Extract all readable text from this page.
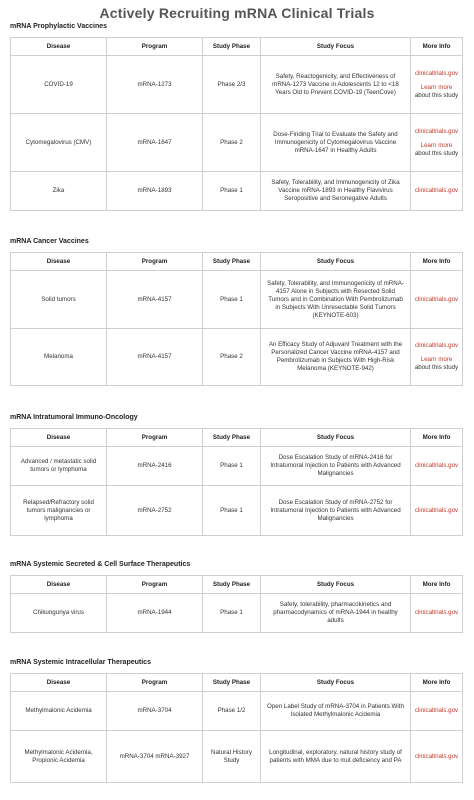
Actively Recruiting mRNA Clinical Trials
mRNA Prophylactic Vaccines
Disease	Program	Study Phase	Study Focus	More Info
COVID-19	mRNA-1273	Phase 2/3	Safety, Reactogenicity, and Effectiveness of mRNA-1273 Vaccine in Adolescents 12 to <18 Years Old to Prevent COVID-19 (TeenCove)	clinicaltrials.gov
Learn more
about this study

Cytomegalovirus (CMV)	mRNA-1647	Phase 2	Dose-Finding Trial to Evaluate the Safety and Immunogenicity of Cytomegalovirus Vaccine mRNA-1647 in Healthy Adults	clinicaltrials.gov
Learn more
about this study

Zika	mRNA-1893	Phase 1	Safety, Tolerability, and Immunogenicity of Zika Vaccine mRNA-1893 in Healthy Flavivirus Seropositive and Seronegative Adults	clinicaltrials.gov
mRNA Cancer Vaccines
Disease	Program	Study Phase	Study Focus	More Info
Solid tumors	mRNA-4157	Phase 1	Safety, Tolerability, and Immunogenicity of mRNA-4157 Alone in Subjects with Resected Solid Tumors and in Combination With Pembrolizumab in Subjects With Unresectable Solid Tumors (KEYNOTE-603)	clinicaltrials.gov

Melanoma	mRNA-4157	Phase 2	An Efficacy Study of Adjuvant Treatment with the Personalized Cancer Vaccine mRNA-4157 and Pembrolizumab in Subjects With High-Risk Melanoma (KEYNOTE-942)	clinicaltrials.gov
Learn more
about this study
mRNA Intratumoral Immuno-Oncology
Disease	Program	Study Phase	Study Focus	More Info
Advanced / metastatic solid tumors or lymphoma	mRNA-2416	Phase 1	Dose Escalation Study of mRNA-2416 for Intratumoral Injection to Patients with Advanced Malignancies	clinicaltrials.gov

Relapsed/Refractory solid tumors malignancies or lymphoma	mRNA-2752	Phase 1	Dose Escalation Study of mRNA-2752 for Intratumoral Injection to Patients with Advanced Malignancies	clinicaltrials.gov
mRNA Systemic Secreted & Cell Surface Therapeutics
Disease	Program	Study Phase	Study Focus	More Info
Chikungunya virus	mRNA-1944	Phase 1	Safety, tolerability, pharmacokinetics and pharmacodynamics of mRNA-1944 in healthy adults	clinicaltrials.gov
mRNA Systemic Intracellular Therapeutics
Disease	Program	Study Phase	Study Focus	More Info
Methylmalonic Acidemia	mRNA-3704	Phase 1/2	Open Label Study of mRNA-3704 in Patients With Isolated Methylmalonic Acidemia	clinicaltrials.gov

Methylmalonic Acidemia, Propionic Acidemia	mRNA-3704 mRNA-3927	Natural History Study	Longitudinal, exploratory, natural history study of patients with MMA due to mut deficiency and PA	clinicaltrials.gov
